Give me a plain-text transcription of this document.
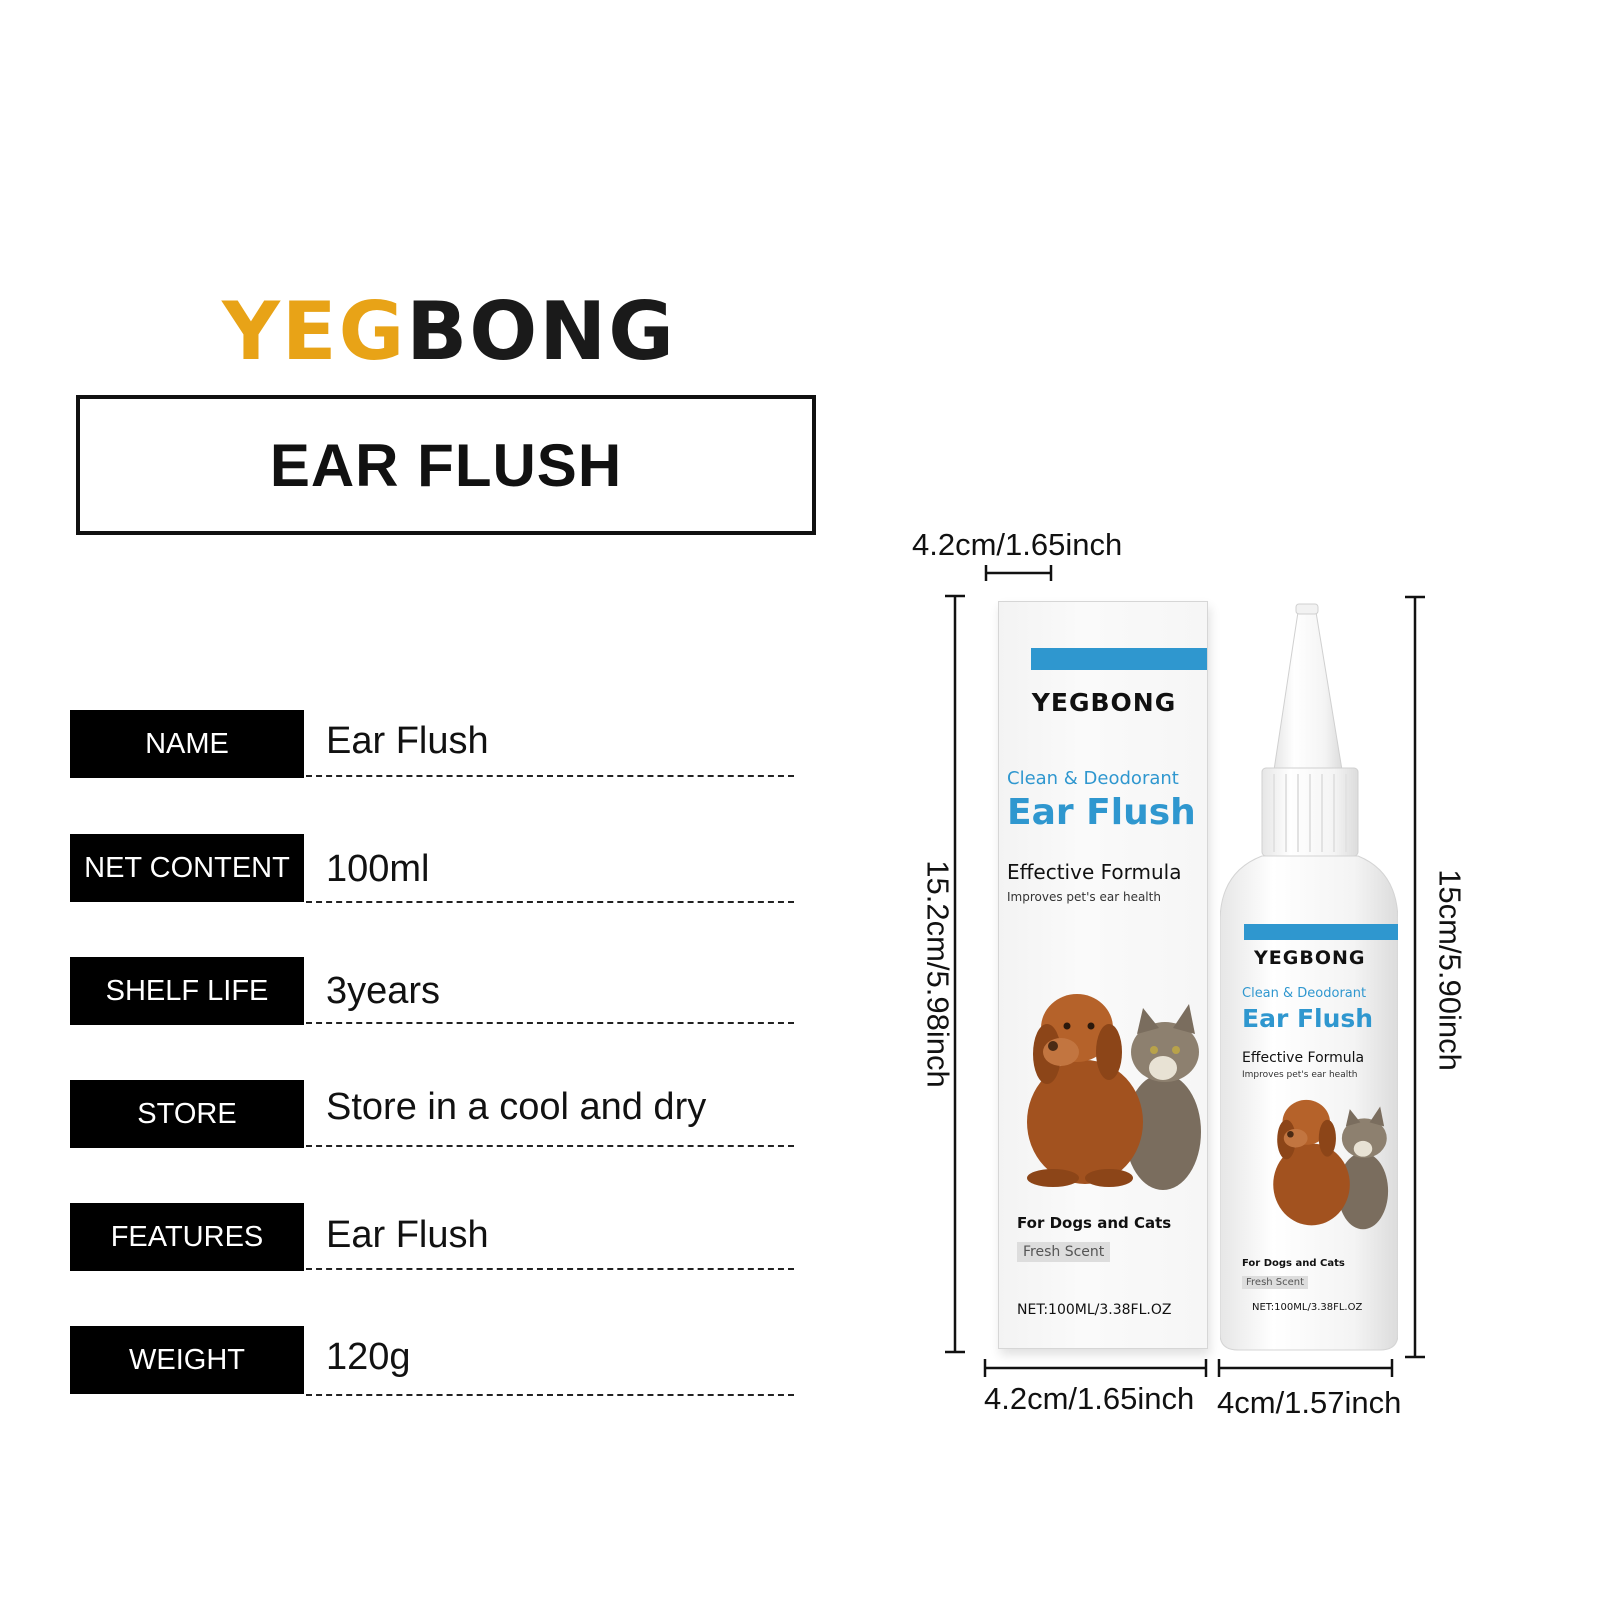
YEGBONG
EAR FLUSH
NAME	Ear Flush
NET CONTENT 100ml
SHELF LIFE	3years
STORE	Store in a cool and dry
FEATURES	Ear Flush
WEIGHT	120g
4.2cm/1.65inch
15.2cm/5.98inch	15cm/5.90inch
4.2cm/1.65inch 4cm/1.57inch
YEGBONG
Clean & Deodorant
Ear Flush
Effective Formula
Improves pet's ear health
For Dogs and Cats
Fresh Scent
NET:100ML/3.38FL.OZ
YEGBONG
Clean & Deodorant
Ear Flush
Effective Formula
Improves pet's ear health
For Dogs and Cats
Fresh Scent
NET:100ML/3.38FL.OZ
